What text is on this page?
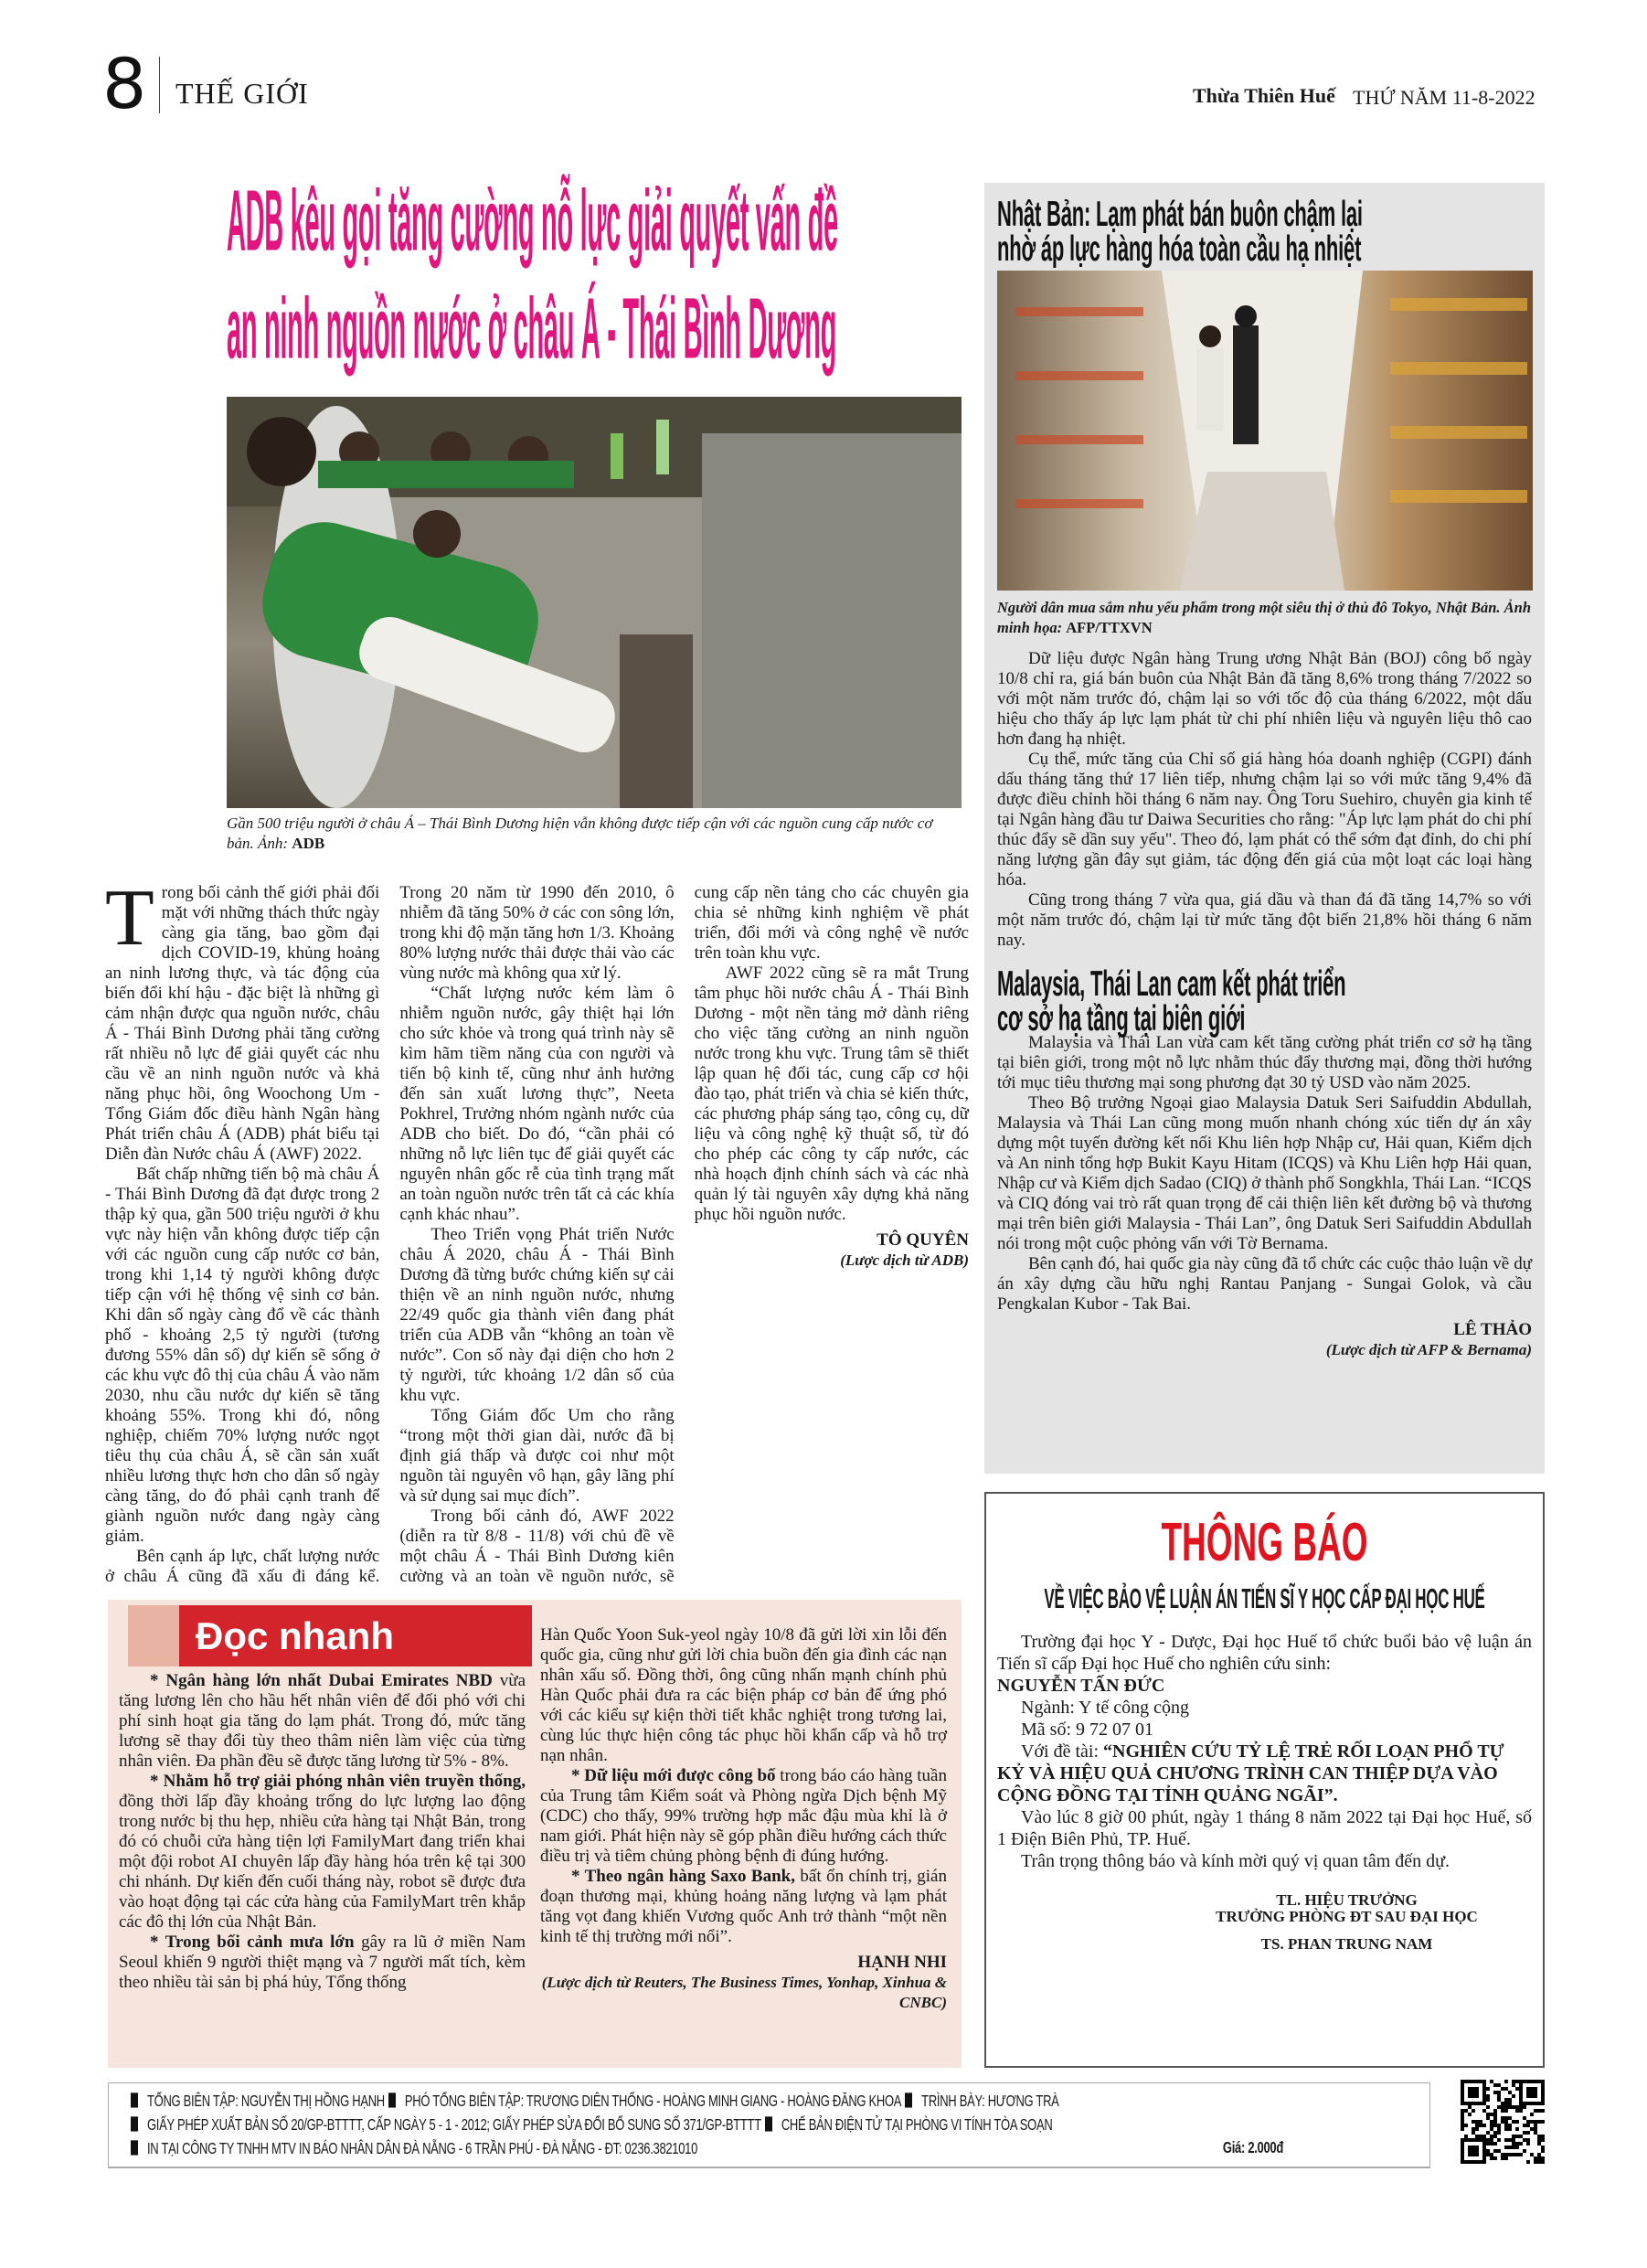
8 THẾ GIỚI	Thừa Thiên Huế THỨ NĂM 11-8-2022
ADB kêu gọi tăng cường nỗ lực giải quyết vấn đề
an ninh nguồn nước ở châu Á - Thái Bình Dương
Gần 500 triệu người ở châu Á – Thái Bình Dương hiện vẫn không được tiếp cận với các nguồn cung cấp nước cơ bản. Ảnh: ADB

Trong bối cảnh thế giới phải đối mặt với những thách thức ngày càng gia tăng, bao gồm đại dịch COVID-19, khủng hoảng an ninh lương thực, và tác động của biến đổi khí hậu - đặc biệt là những gì cảm nhận được qua nguồn nước, châu Á - Thái Bình Dương phải tăng cường rất nhiều nỗ lực để giải quyết các nhu cầu về an ninh nguồn nước và khả năng phục hồi, ông Woochong Um - Tổng Giám đốc điều hành Ngân hàng Phát triển châu Á (ADB) phát biểu tại Diễn đàn Nước châu Á (AWF) 2022.

Bất chấp những tiến bộ mà châu Á - Thái Bình Dương đã đạt được trong 2 thập kỷ qua, gần 500 triệu người ở khu vực này hiện vẫn không được tiếp cận với các nguồn cung cấp nước cơ bản, trong khi 1,14 tỷ người không được tiếp cận với hệ thống vệ sinh cơ bản. Khi dân số ngày càng đổ về các thành phố - khoảng 2,5 tỷ người (tương đương 55% dân số) dự kiến sẽ sống ở các khu vực đô thị của châu Á vào năm 2030, nhu cầu nước dự kiến sẽ tăng khoảng 55%. Trong khi đó, nông nghiệp, chiếm 70% lượng nước ngọt tiêu thụ của châu Á, sẽ cần sản xuất nhiều lương thực hơn cho dân số ngày càng tăng, do đó phải cạnh tranh để giành nguồn nước đang ngày càng giảm.

Bên cạnh áp lực, chất lượng nước ở châu Á cũng đã xấu đi đáng kể. Trong 20 năm từ 1990 đến 2010, ô nhiễm đã tăng 50% ở các con sông lớn, trong khi độ mặn tăng hơn 1/3. Khoảng 80% lượng nước thải được thải vào các vùng nước mà không qua xử lý.

“Chất lượng nước kém làm ô nhiễm nguồn nước, gây thiệt hại lớn cho sức khỏe và trong quá trình này sẽ kìm hãm tiềm năng của con người và tiến bộ kinh tế, cũng như ảnh hưởng đến sản xuất lương thực”, Neeta Pokhrel, Trưởng nhóm ngành nước của ADB cho biết. Do đó, “cần phải có những nỗ lực liên tục để giải quyết các nguyên nhân gốc rễ của tình trạng mất an toàn nguồn nước trên tất cả các khía cạnh khác nhau”.

Theo Triển vọng Phát triển Nước châu Á 2020, châu Á - Thái Bình Dương đã từng bước chứng kiến sự cải thiện về an ninh nguồn nước, nhưng 22/49 quốc gia thành viên đang phát triển của ADB vẫn “không an toàn về nước”. Con số này đại diện cho hơn 2 tỷ người, tức khoảng 1/2 dân số của khu vực.

Tổng Giám đốc Um cho rằng “trong một thời gian dài, nước đã bị định giá thấp và được coi như một nguồn tài nguyên vô hạn, gây lãng phí và sử dụng sai mục đích”.

Trong bối cảnh đó, AWF 2022 (diễn ra từ 8/8 - 11/8) với chủ đề về một châu Á - Thái Bình Dương kiên cường và an toàn về nguồn nước, sẽ cung cấp nền tảng cho các chuyên gia chia sẻ những kinh nghiệm về phát triển, đổi mới và công nghệ về nước trên toàn khu vực.

AWF 2022 cũng sẽ ra mắt Trung tâm phục hồi nước châu Á - Thái Bình Dương - một nền tảng mở dành riêng cho việc tăng cường an ninh nguồn nước trong khu vực. Trung tâm sẽ thiết lập quan hệ đối tác, cung cấp cơ hội đào tạo, phát triển và chia sẻ kiến thức, các phương pháp sáng tạo, công cụ, dữ liệu và công nghệ kỹ thuật số, từ đó cho phép các công ty cấp nước, các nhà hoạch định chính sách và các nhà quản lý tài nguyên xây dựng khả năng phục hồi nguồn nước.

TÔ QUYÊN
(Lược dịch từ ADB)
Nhật Bản: Lạm phát bán buôn chậm lại
nhờ áp lực hàng hóa toàn cầu hạ nhiệt
Người dân mua sắm nhu yếu phẩm trong một siêu thị ở thủ đô Tokyo, Nhật Bản. Ảnh minh họa: AFP/TTXVN

Dữ liệu được Ngân hàng Trung ương Nhật Bản (BOJ) công bố ngày 10/8 chỉ ra, giá bán buôn của Nhật Bản đã tăng 8,6% trong tháng 7/2022 so với một năm trước đó, chậm lại so với tốc độ của tháng 6/2022, một dấu hiệu cho thấy áp lực lạm phát từ chi phí nhiên liệu và nguyên liệu thô cao hơn đang hạ nhiệt.

Cụ thể, mức tăng của Chỉ số giá hàng hóa doanh nghiệp (CGPI) đánh dấu tháng tăng thứ 17 liên tiếp, nhưng chậm lại so với mức tăng 9,4% đã được điều chỉnh hồi tháng 6 năm nay. Ông Toru Suehiro, chuyên gia kinh tế tại Ngân hàng đầu tư Daiwa Securities cho rằng: "Áp lực lạm phát do chi phí thúc đẩy sẽ dần suy yếu". Theo đó, lạm phát có thể sớm đạt đỉnh, do chi phí năng lượng gần đây sụt giảm, tác động đến giá của một loạt các loại hàng hóa.

Cũng trong tháng 7 vừa qua, giá dầu và than đá đã tăng 14,7% so với một năm trước đó, chậm lại từ mức tăng đột biến 21,8% hồi tháng 6 năm nay.

Malaysia, Thái Lan cam kết phát triển
cơ sở hạ tầng tại biên giới

Malaysia và Thái Lan vừa cam kết tăng cường phát triển cơ sở hạ tầng tại biên giới, trong một nỗ lực nhằm thúc đẩy thương mại, đồng thời hướng tới mục tiêu thương mại song phương đạt 30 tỷ USD vào năm 2025.

Theo Bộ trưởng Ngoại giao Malaysia Datuk Seri Saifuddin Abdullah, Malaysia và Thái Lan cũng mong muốn nhanh chóng xúc tiến dự án xây dựng một tuyến đường kết nối Khu liên hợp Nhập cư, Hải quan, Kiểm dịch và An ninh tổng hợp Bukit Kayu Hitam (ICQS) và Khu Liên hợp Hải quan, Nhập cư và Kiểm dịch Sadao (CIQ) ở thành phố Songkhla, Thái Lan. “ICQS và CIQ đóng vai trò rất quan trọng để cải thiện liên kết đường bộ và thương mại trên biên giới Malaysia - Thái Lan”, ông Datuk Seri Saifuddin Abdullah nói trong một cuộc phỏng vấn với Tờ Bernama.

Bên cạnh đó, hai quốc gia này cũng đã tổ chức các cuộc thảo luận về dự án xây dựng cầu hữu nghị Rantau Panjang - Sungai Golok, và cầu Pengkalan Kubor - Tak Bai.

LÊ THẢO
(Lược dịch từ AFP & Bernama)
Đọc nhanh

* Ngân hàng lớn nhất Dubai Emirates NBD vừa tăng lương lên cho hầu hết nhân viên để đối phó với chi phí sinh hoạt gia tăng do lạm phát. Trong đó, mức tăng lương sẽ thay đổi tùy theo thâm niên làm việc của từng nhân viên. Đa phần đều sẽ được tăng lương từ 5% - 8%.

* Nhằm hỗ trợ giải phóng nhân viên truyền thống, đồng thời lấp đầy khoảng trống do lực lượng lao động trong nước bị thu hẹp, nhiều cửa hàng tại Nhật Bản, trong đó có chuỗi cửa hàng tiện lợi FamilyMart đang triển khai một đội robot AI chuyên lấp đầy hàng hóa trên kệ tại 300 chi nhánh. Dự kiến đến cuối tháng này, robot sẽ được đưa vào hoạt động tại các cửa hàng của FamilyMart trên khắp các đô thị lớn của Nhật Bản.

* Trong bối cảnh mưa lớn gây ra lũ ở miền Nam Seoul khiến 9 người thiệt mạng và 7 người mất tích, kèm theo nhiều tài sản bị phá hủy, Tổng thống

Hàn Quốc Yoon Suk-yeol ngày 10/8 đã gửi lời xin lỗi đến quốc gia, cũng như gửi lời chia buồn đến gia đình các nạn nhân xấu số. Đồng thời, ông cũng nhấn mạnh chính phủ Hàn Quốc phải đưa ra các biện pháp cơ bản để ứng phó với các kiểu sự kiện thời tiết khắc nghiệt trong tương lai, cùng lúc thực hiện công tác phục hồi khẩn cấp và hỗ trợ nạn nhân.

* Dữ liệu mới được công bố trong báo cáo hàng tuần của Trung tâm Kiểm soát và Phòng ngừa Dịch bệnh Mỹ (CDC) cho thấy, 99% trường hợp mắc đậu mùa khỉ là ở nam giới. Phát hiện này sẽ góp phần điều hướng cách thức điều trị và tiêm chủng phòng bệnh đi đúng hướng.

* Theo ngân hàng Saxo Bank, bất ổn chính trị, gián đoạn thương mại, khủng hoảng năng lượng và lạm phát tăng vọt đang khiến Vương quốc Anh trở thành “một nền kinh tế thị trường mới nổi”.

HẠNH NHI
(Lược dịch từ Reuters, The Business Times, Yonhap, Xinhua & CNBC)
THÔNG BÁO
VỀ VIỆC BẢO VỆ LUẬN ÁN TIẾN SĨ Y HỌC CẤP ĐẠI HỌC HUẾ

Trường đại học Y - Dược, Đại học Huế tổ chức buổi bảo vệ luận án Tiến sĩ cấp Đại học Huế cho nghiên cứu sinh:

NGUYỄN TẤN ĐỨC

Ngành: Y tế công cộng

Mã số: 9 72 07 01

Với đề tài: “NGHIÊN CỨU TỶ LỆ TRẺ RỐI LOẠN PHỔ TỰ KỶ VÀ HIỆU QUẢ CHƯƠNG TRÌNH CAN THIỆP DỰA VÀO CỘNG ĐỒNG TẠI TỈNH QUẢNG NGÃI”.

Vào lúc 8 giờ 00 phút, ngày 1 tháng 8 năm 2022 tại Đại học Huế, số 1 Điện Biên Phủ, TP. Huế.

Trân trọng thông báo và kính mời quý vị quan tâm đến dự.

TL. HIỆU TRƯỞNG
TRƯỞNG PHÒNG ĐT SAU ĐẠI HỌC
TS. PHAN TRUNG NAM
TỔNG BIÊN TẬP: NGUYỄN THỊ HỒNG HẠNH PHÓ TỔNG BIÊN TẬP: TRƯƠNG DIÊN THỐNG - HOÀNG MINH GIANG - HOÀNG ĐĂNG KHOA TRÌNH BÀY: HƯƠNG TRÀ
GIẤY PHÉP XUẤT BẢN SỐ 20/GP-BTTTT, CẤP NGÀY 5 - 1 - 2012; GIẤY PHÉP SỬA ĐỔI BỔ SUNG SỐ 371/GP-BTTTT CHẾ BẢN ĐIỆN TỬ TẠI PHÒNG VI TÍNH TÒA SOẠN
IN TẠI CÔNG TY TNHH MTV IN BÁO NHÂN DÂN ĐÀ NẴNG - 6 TRẦN PHÚ - ĐÀ NẴNG - ĐT: 0236.3821010	Giá: 2.000đ
